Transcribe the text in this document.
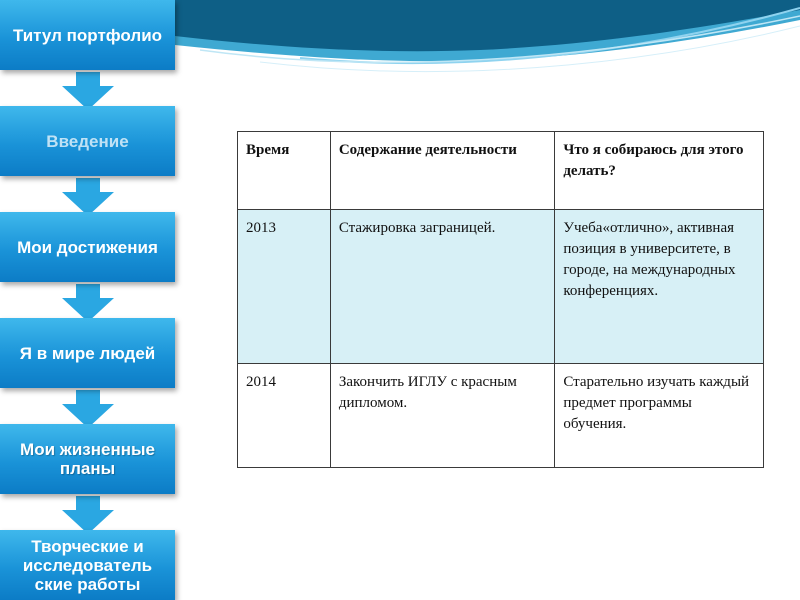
Титул портфолио
Введение
Мои достижения
Я в мире людей
Мои жизненные планы
Творческие и исследователь ские работы
Время	Содержание деятельности	Что я собираюсь для этого делать?
2013	Стажировка заграницей.	Учеба«отлично», активная позиция в университете, в городе, на международных конференциях.
2014	Закончить ИГЛУ с красным дипломом.	Старательно изучать каждый предмет программы обучения.
